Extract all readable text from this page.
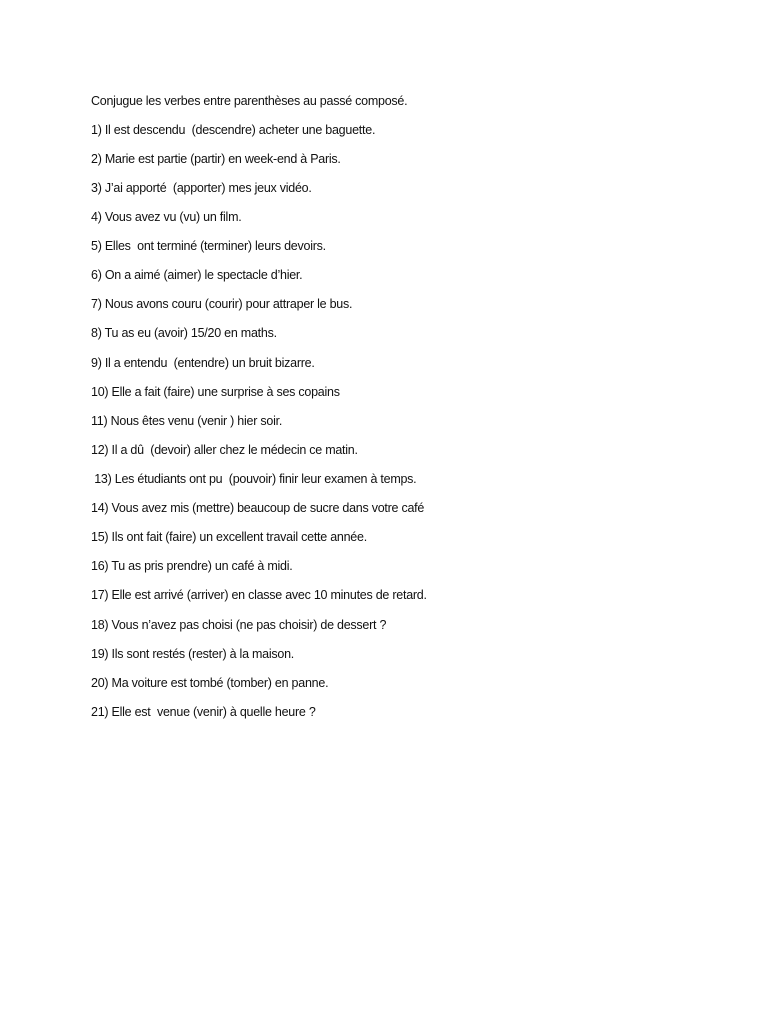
Conjugue les verbes entre parenthèses au passé composé.

1) Il est descendu  (descendre) acheter une baguette.

2) Marie est partie (partir) en week-end à Paris.

3) J’ai apporté  (apporter) mes jeux vidéo.

4) Vous avez vu (vu) un film.

5) Elles  ont terminé (terminer) leurs devoirs.

6) On a aimé (aimer) le spectacle d’hier.

7) Nous avons couru (courir) pour attraper le bus.

8) Tu as eu (avoir) 15/20 en maths.

9) Il a entendu  (entendre) un bruit bizarre.

10) Elle a fait (faire) une surprise à ses copains

11) Nous êtes venu (venir ) hier soir.

12) Il a dû  (devoir) aller chez le médecin ce matin.

13) Les étudiants ont pu  (pouvoir) finir leur examen à temps.

14) Vous avez mis (mettre) beaucoup de sucre dans votre café

15) Ils ont fait (faire) un excellent travail cette année.

16) Tu as pris prendre) un café à midi.

17) Elle est arrivé (arriver) en classe avec 10 minutes de retard.

18) Vous n’avez pas choisi (ne pas choisir) de dessert ?

19) Ils sont restés (rester) à la maison.

20) Ma voiture est tombé (tomber) en panne.

21) Elle est  venue (venir) à quelle heure ?
